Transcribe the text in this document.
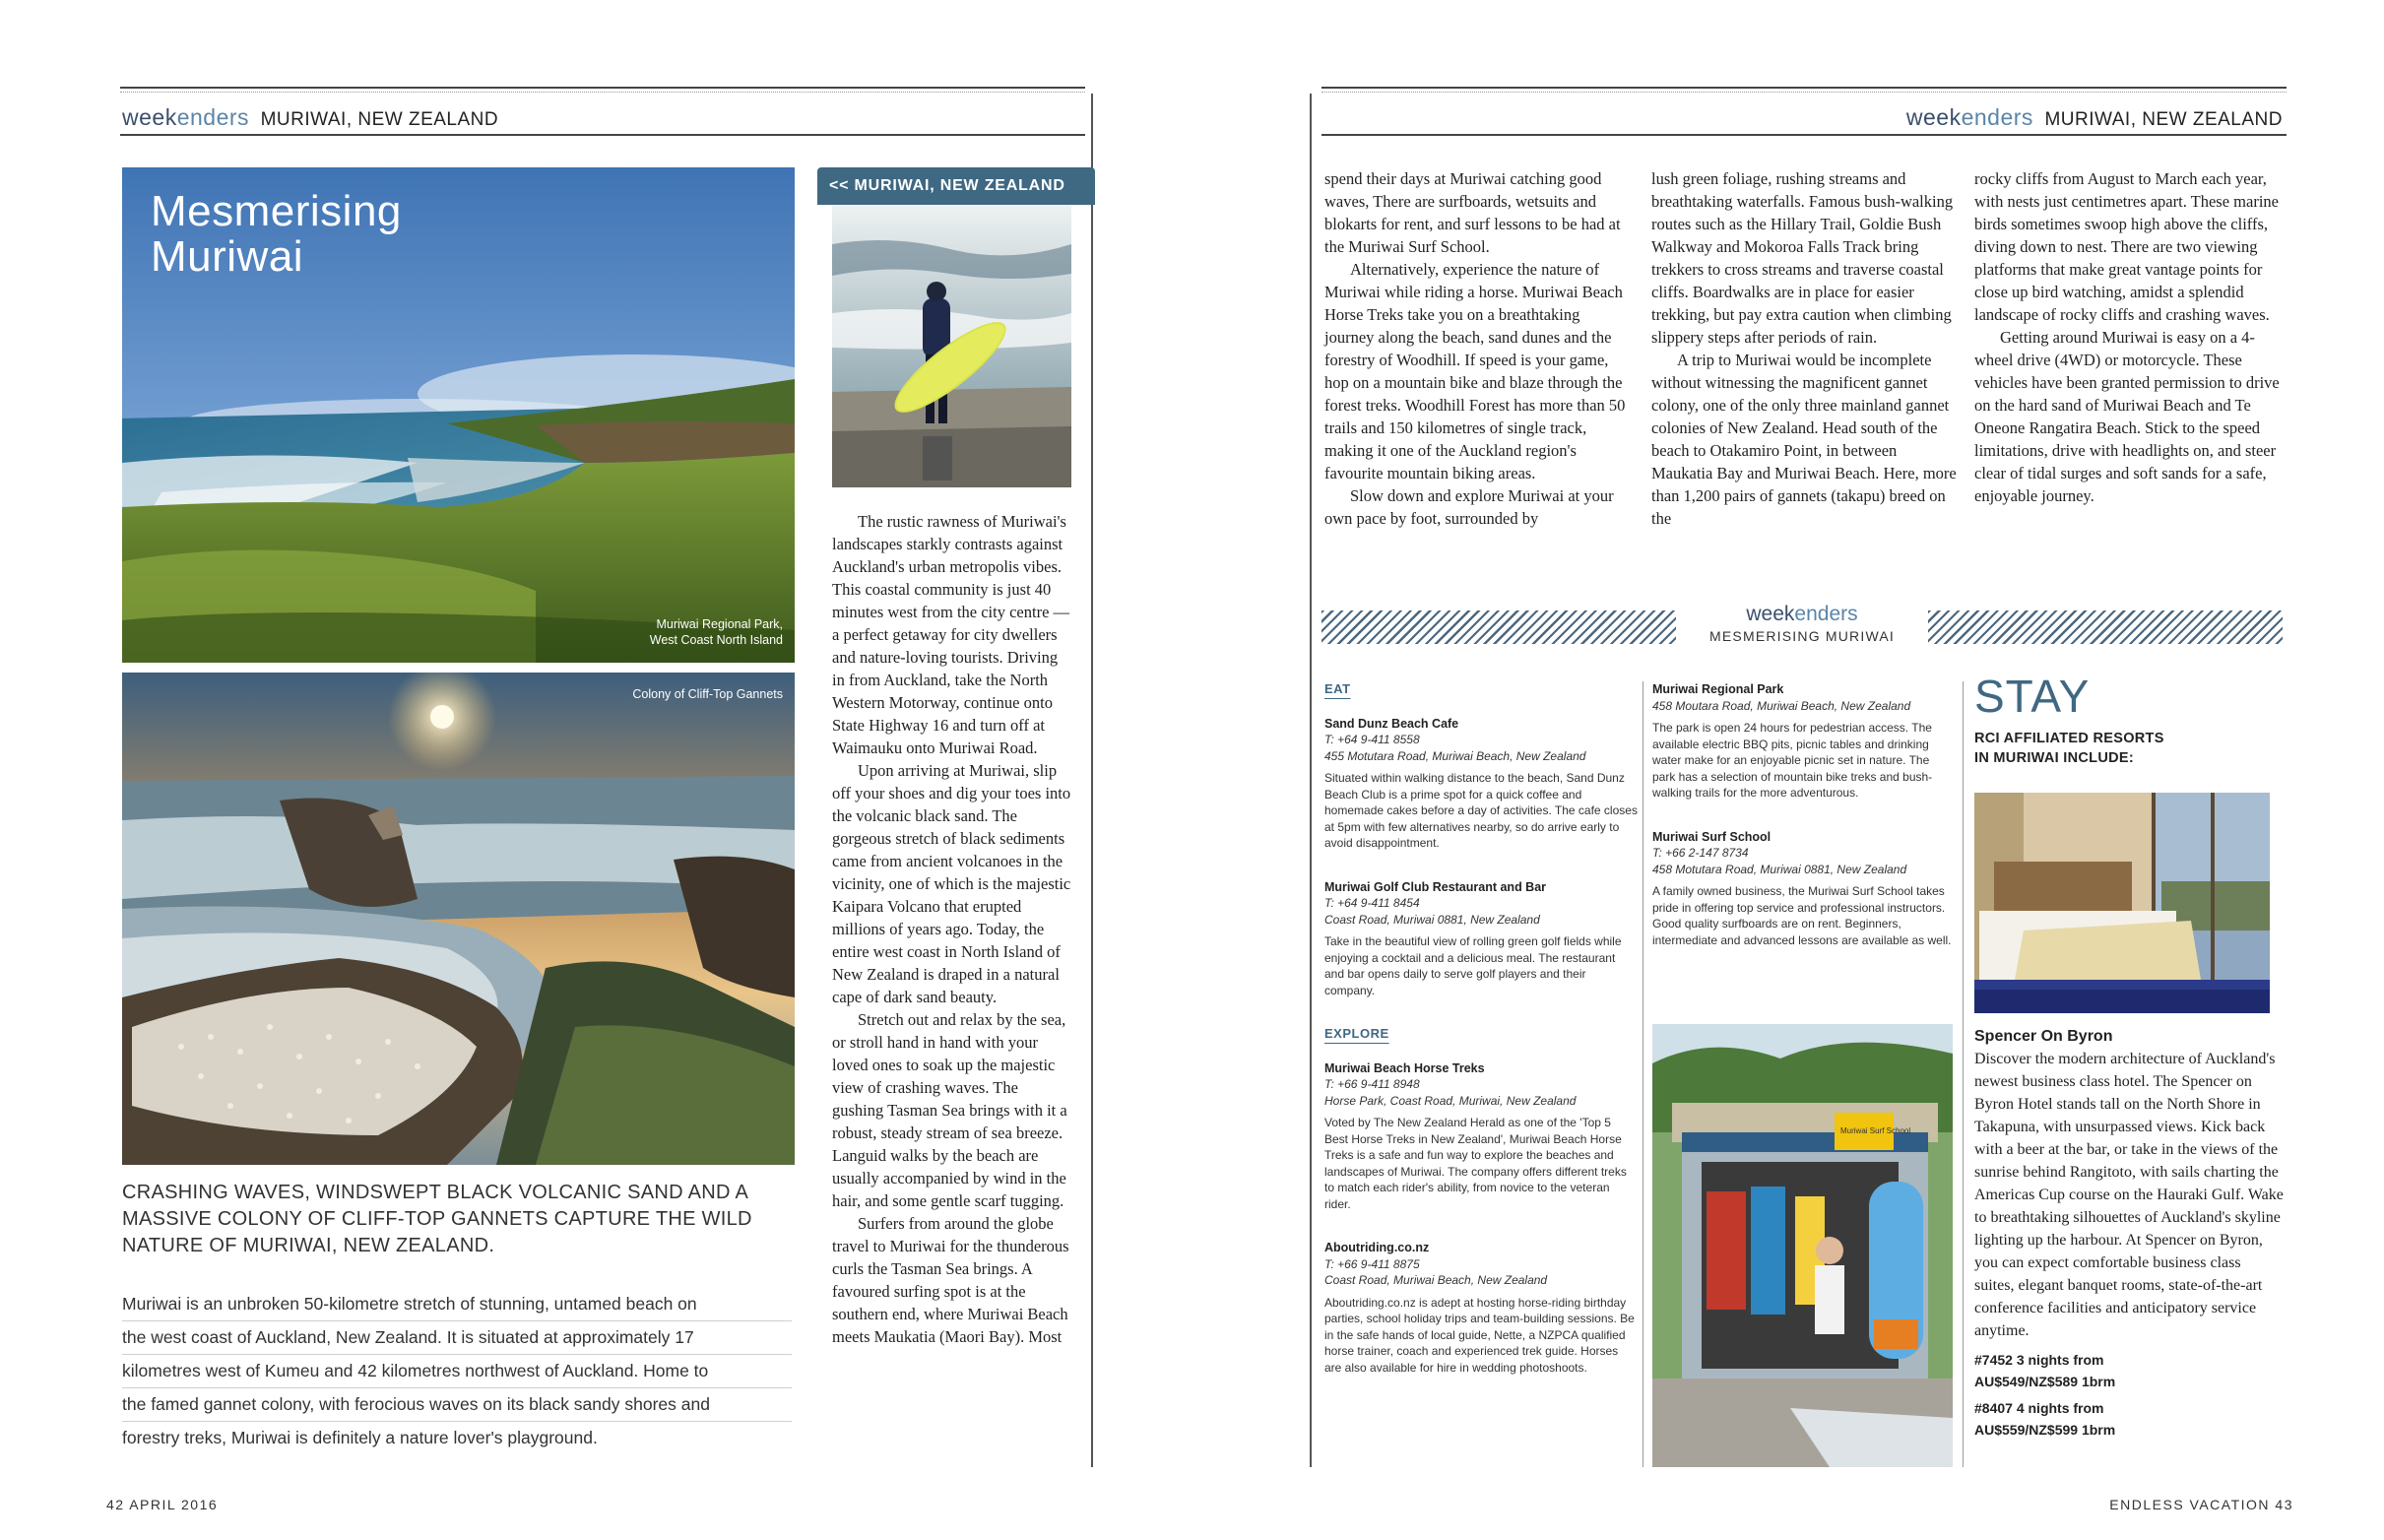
weekenders MURIWAI, NEW ZEALAND
Mesmerising
Muriwai
Muriwai Regional Park,
West Coast North Island
Colony of Cliff-Top Gannets
<< MURIWAI, NEW ZEALAND
CRASHING WAVES, WINDSWEPT BLACK VOLCANIC SAND AND A MASSIVE COLONY OF CLIFF-TOP GANNETS CAPTURE THE WILD NATURE OF MURIWAI, NEW ZEALAND.
Muriwai is an unbroken 50-kilometre stretch of stunning, untamed beach on
the west coast of Auckland, New Zealand. It is situated at approximately 17
kilometres west of Kumeu and 42 kilometres northwest of Auckland. Home to
the famed gannet colony, with ferocious waves on its black sandy shores and
forestry treks, Muriwai is definitely a nature lover's playground.

The rustic rawness of Muriwai's landscapes starkly contrasts against Auckland's urban metropolis vibes. This coastal community is just 40 minutes west from the city centre — a perfect getaway for city dwellers and nature-loving tourists. Driving in from Auckland, take the North Western Motorway, continue onto State Highway 16 and turn off at Waimauku onto Muriwai Road.

Upon arriving at Muriwai, slip off your shoes and dig your toes into the volcanic black sand. The gorgeous stretch of black sediments came from ancient volcanoes in the vicinity, one of which is the majestic Kaipara Volcano that erupted millions of years ago. Today, the entire west coast in North Island of New Zealand is draped in a natural cape of dark sand beauty.

Stretch out and relax by the sea, or stroll hand in hand with your loved ones to soak up the majestic view of crashing waves. The gushing Tasman Sea brings with it a robust, steady stream of sea breeze. Languid walks by the beach are usually accompanied by wind in the hair, and some gentle scarf tugging.

Surfers from around the globe travel to Muriwai for the thunderous curls the Tasman Sea brings. A favoured surfing spot is at the southern end, where Muriwai Beach meets Maukatia (Maori Bay). Most

42 APRIL 2016
weekenders MURIWAI, NEW ZEALAND

spend their days at Muriwai catching good waves, There are surfboards, wetsuits and blokarts for rent, and surf lessons to be had at the Muriwai Surf School.

Alternatively, experience the nature of Muriwai while riding a horse. Muriwai Beach Horse Treks take you on a breathtaking journey along the beach, sand dunes and the forestry of Woodhill. If speed is your game, hop on a mountain bike and blaze through the forest treks. Woodhill Forest has more than 50 trails and 150 kilometres of single track, making it one of the Auckland region's favourite mountain biking areas.

Slow down and explore Muriwai at your own pace by foot, surrounded by

lush green foliage, rushing streams and breathtaking waterfalls. Famous bush-walking routes such as the Hillary Trail, Goldie Bush Walkway and Mokoroa Falls Track bring trekkers to cross streams and traverse coastal cliffs. Boardwalks are in place for easier trekking, but pay extra caution when climbing slippery steps after periods of rain.

A trip to Muriwai would be incomplete without witnessing the magnificent gannet colony, one of the only three mainland gannet colonies of New Zealand. Head south of the beach to Otakamiro Point, in between Maukatia Bay and Muriwai Beach. Here, more than 1,200 pairs of gannets (takapu) breed on the

rocky cliffs from August to March each year, with nests just centimetres apart. These marine birds sometimes swoop high above the cliffs, diving down to nest. There are two viewing platforms that make great vantage points for close up bird watching, amidst a splendid landscape of rocky cliffs and crashing waves.

Getting around Muriwai is easy on a 4-wheel drive (4WD) or motorcycle. These vehicles have been granted permission to drive on the hard sand of Muriwai Beach and Te Oneone Rangatira Beach. Stick to the speed limitations, drive with headlights on, and steer clear of tidal surges and soft sands for a safe, enjoyable journey.

weekenders
MESMERISING MURIWAI
EAT
Sand Dunz Beach Cafe
T: +64 9-411 8558
455 Motutara Road, Muriwai Beach, New Zealand
Situated within walking distance to the beach, Sand Dunz Beach Club is a prime spot for a quick coffee and homemade cakes before a day of activities. The cafe closes at 5pm with few alternatives nearby, so do arrive early to avoid disappointment.
Muriwai Golf Club Restaurant and Bar
T: +64 9-411 8454
Coast Road, Muriwai 0881, New Zealand
Take in the beautiful view of rolling green golf fields while enjoying a cocktail and a delicious meal. The restaurant and bar opens daily to serve golf players and their company.
EXPLORE
Muriwai Beach Horse Treks
T: +66 9-411 8948
Horse Park, Coast Road, Muriwai, New Zealand
Voted by The New Zealand Herald as one of the 'Top 5 Best Horse Treks in New Zealand', Muriwai Beach Horse Treks is a safe and fun way to explore the beaches and landscapes of Muriwai. The company offers different treks to match each rider's ability, from novice to the veteran rider.
Aboutriding.co.nz
T: +66 9-411 8875
Coast Road, Muriwai Beach, New Zealand
Aboutriding.co.nz is adept at hosting horse-riding birthday parties, school holiday trips and team-building sessions. Be in the safe hands of local guide, Nette, a NZPCA qualified horse trainer, coach and experienced trek guide. Horses are also available for hire in wedding photoshoots.
Muriwai Regional Park
458 Moutara Road, Muriwai Beach, New Zealand
The park is open 24 hours for pedestrian access. The available electric BBQ pits, picnic tables and drinking water make for an enjoyable picnic set in nature. The park has a selection of mountain bike treks and bush-walking trails for the more adventurous.
Muriwai Surf School
T: +66 2-147 8734
458 Motutara Road, Muriwai 0881, New Zealand
A family owned business, the Muriwai Surf School takes pride in offering top service and professional instructors. Good quality surfboards are on rent. Beginners, intermediate and advanced lessons are available as well.
Muriwai Surf School
STAY
RCI AFFILIATED RESORTS
IN MURIWAI INCLUDE:
Spencer On Byron
Discover the modern architecture of Auckland's newest business class hotel. The Spencer on Byron Hotel stands tall on the North Shore in Takapuna, with unsurpassed views. Kick back with a beer at the bar, or take in the views of the sunrise behind Rangitoto, with sails charting the Americas Cup course on the Hauraki Gulf. Wake to breathtaking silhouettes of Auckland's skyline lighting up the harbour. At Spencer on Byron, you can expect comfortable business class suites, elegant banquet rooms, state-of-the-art conference facilities and anticipatory service anytime.
#7452 3 nights from
AU$549/NZ$589 1brm
#8407 4 nights from
AU$559/NZ$599 1brm
ENDLESS VACATION 43
